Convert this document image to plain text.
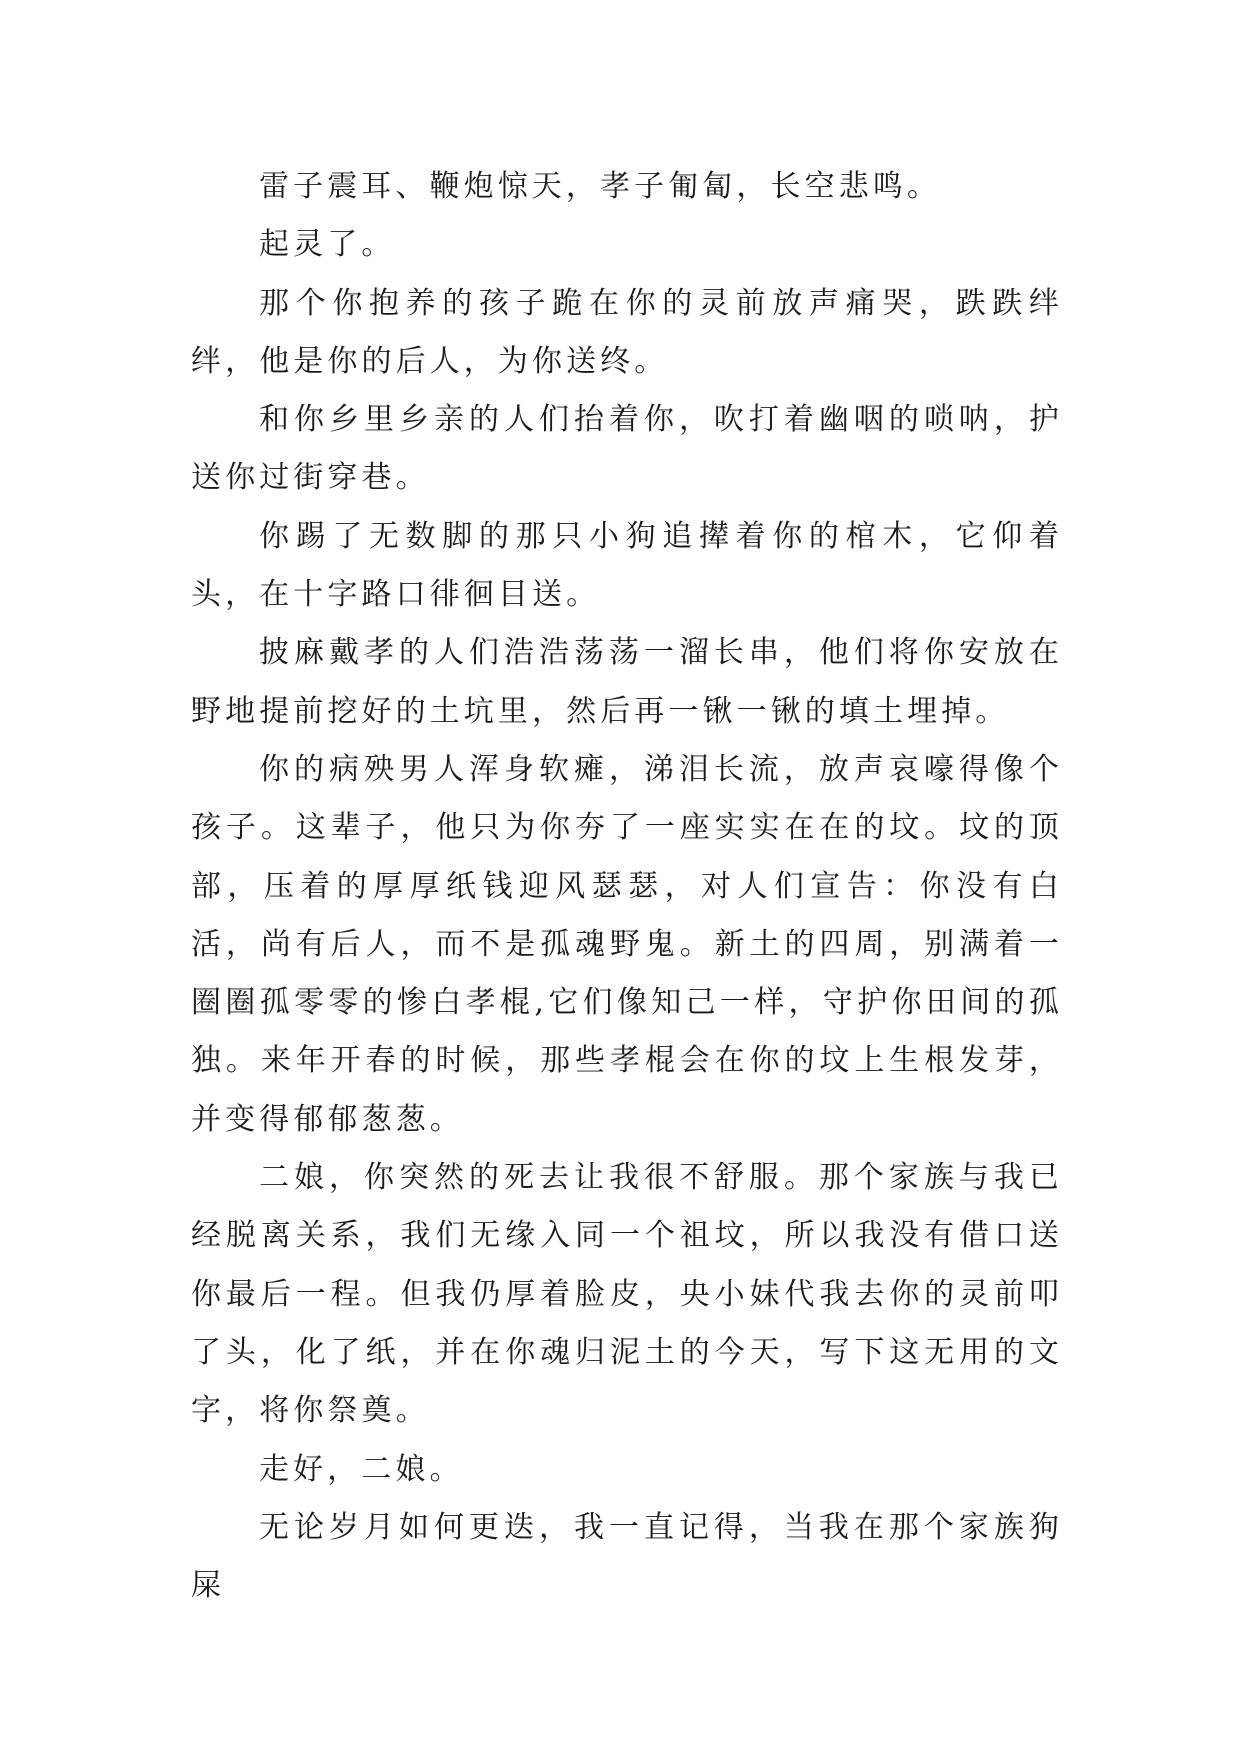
雷子震耳、鞭炮惊天，孝子匍匐，长空悲鸣。

起灵了。

那个你抱养的孩子跪在你的灵前放声痛哭，跌跌绊绊，他是你的后人，为你送终。

和你乡里乡亲的人们抬着你，吹打着幽咽的唢呐，护送你过街穿巷。

你踢了无数脚的那只小狗追撵着你的棺木，它仰着头，在十字路口徘徊目送。

披麻戴孝的人们浩浩荡荡一溜长串，他们将你安放在野地提前挖好的土坑里，然后再一锹一锹的填土埋掉。

你的病殃男人浑身软瘫，涕泪长流，放声哀嚎得像个孩子。这辈子，他只为你夯了一座实实在在的坟。坟的顶部，压着的厚厚纸钱迎风瑟瑟，对人们宣告：你没有白活，尚有后人，而不是孤魂野鬼。新土的四周，别满着一圈圈孤零零的惨白孝棍,它们像知己一样，守护你田间的孤独。来年开春的时候，那些孝棍会在你的坟上生根发芽，并变得郁郁葱葱。

二娘，你突然的死去让我很不舒服。那个家族与我已经脱离关系，我们无缘入同一个祖坟，所以我没有借口送你最后一程。但我仍厚着脸皮，央小妹代我去你的灵前叩了头，化了纸，并在你魂归泥土的今天，写下这无用的文字，将你祭奠。

走好，二娘。

无论岁月如何更迭，我一直记得，当我在那个家族狗屎
